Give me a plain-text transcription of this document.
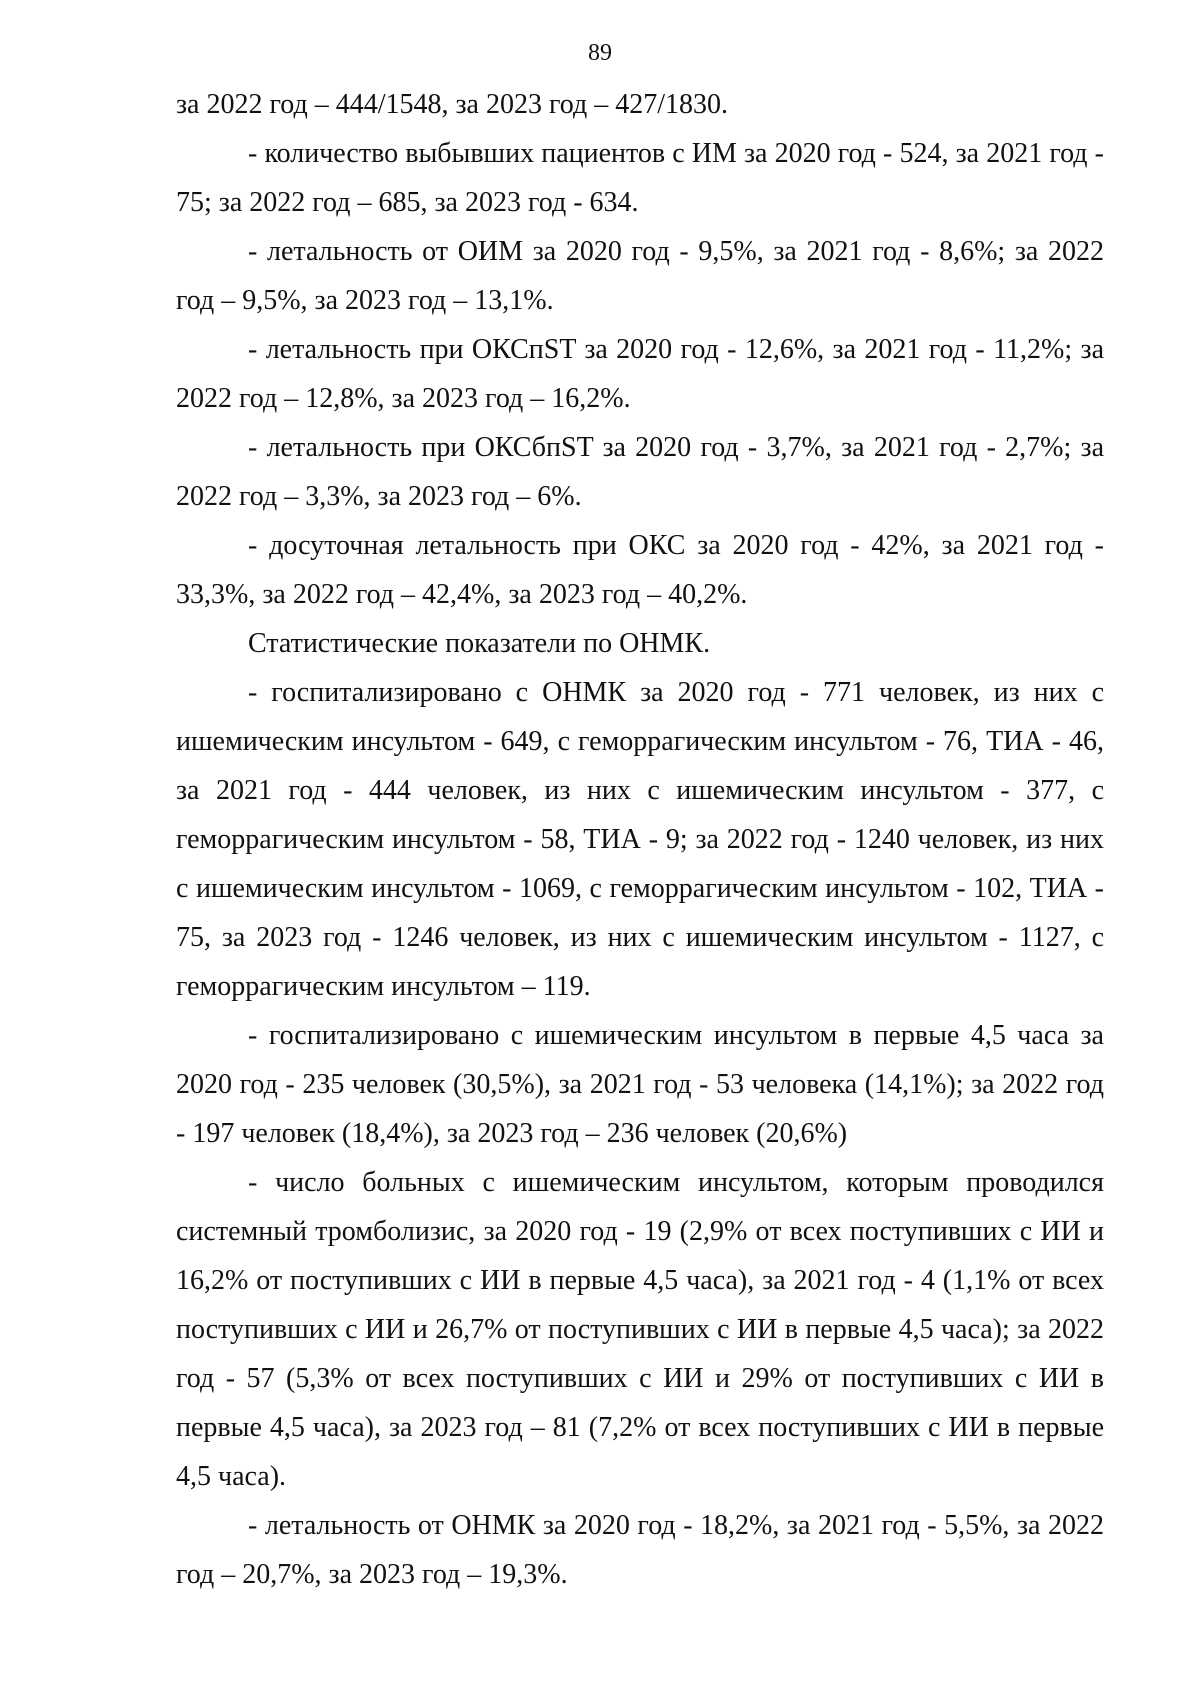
89

за 2022 год – 444/1548, за 2023 год – 427/1830.

- количество выбывших пациентов с ИМ за 2020 год - 524, за 2021 год - 75; за 2022 год – 685, за 2023 год - 634.

- летальность от ОИМ за 2020 год - 9,5%, за 2021 год - 8,6%; за 2022 год – 9,5%, за 2023 год – 13,1%.

- летальность при ОКСпST за 2020 год - 12,6%, за 2021 год - 11,2%; за 2022 год – 12,8%, за 2023 год – 16,2%.

- летальность при ОКСбпST за 2020 год - 3,7%, за 2021 год - 2,7%; за 2022 год – 3,3%, за 2023 год – 6%.

- досуточная летальность при ОКС за 2020 год - 42%, за 2021 год - 33,3%, за 2022 год – 42,4%, за 2023 год – 40,2%.

Статистические показатели по ОНМК.

- госпитализировано с ОНМК за 2020 год - 771 человек, из них с ишемическим инсультом - 649, с геморрагическим инсультом - 76, ТИА - 46, за 2021 год - 444 человек, из них с ишемическим инсультом - 377, с геморрагическим инсультом - 58, ТИА - 9; за 2022 год - 1240 человек, из них с ишемическим инсультом - 1069, с геморрагическим инсультом - 102, ТИА - 75, за 2023 год - 1246 человек, из них с ишемическим инсультом - 1127, с геморрагическим инсультом – 119.

- госпитализировано с ишемическим инсультом в первые 4,5 часа за 2020 год - 235 человек (30,5%), за 2021 год - 53 человека (14,1%); за 2022 год - 197 человек (18,4%), за 2023 год – 236 человек (20,6%)

- число больных с ишемическим инсультом, которым проводился системный тромболизис, за 2020 год - 19 (2,9% от всех поступивших с ИИ и 16,2% от поступивших с ИИ в первые 4,5 часа), за 2021 год - 4 (1,1% от всех поступивших с ИИ и 26,7% от поступивших с ИИ в первые 4,5 часа); за 2022 год - 57 (5,3% от всех поступивших с ИИ и 29% от поступивших с ИИ в первые 4,5 часа), за 2023 год – 81 (7,2% от всех поступивших с ИИ в первые 4,5 часа).

- летальность от ОНМК за 2020 год - 18,2%, за 2021 год - 5,5%, за 2022 год – 20,7%, за 2023 год – 19,3%.
